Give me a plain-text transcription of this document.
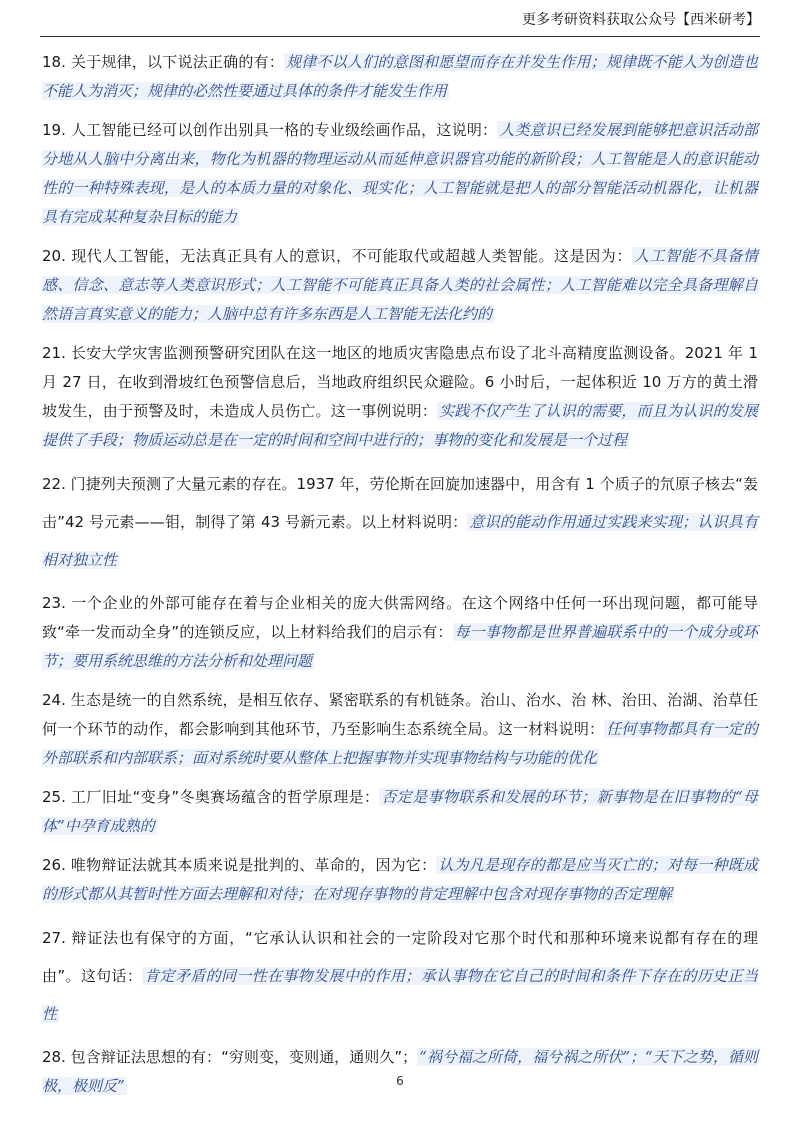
更多考研资料获取公众号【西米研考】

18. 关于规律，以下说法正确的有： 规律不以人们的意图和愿望而存在并发生作用；规律既不能人为创造也不能人为消灭；规律的必然性要通过具体的条件才能发生作用

19. 人工智能已经可以创作出别具一格的专业级绘画作品，这说明： 人类意识已经发展到能够把意识活动部分地从人脑中分离出来，物化为机器的物理运动从而延伸意识器官功能的新阶段；人工智能是人的意识能动性的一种特殊表现，是人的本质力量的对象化、现实化；人工智能就是把人的部分智能活动机器化，让机器具有完成某种复杂目标的能力

20. 现代人工智能，无法真正具有人的意识，不可能取代或超越人类智能。这是因为： 人工智能不具备情感、信念、意志等人类意识形式；人工智能不可能真正具备人类的社会属性；人工智能难以完全具备理解自然语言真实意义的能力；人脑中总有许多东西是人工智能无法化约的

21. 长安大学灾害监测预警研究团队在这一地区的地质灾害隐患点布设了北斗高精度监测设备。2021 年 1 月 27 日，在收到滑坡红色预警信息后，当地政府组织民众避险。6 小时后，一起体积近 10 万方的黄土滑坡发生，由于预警及时，未造成人员伤亡。这一事例说明： 实践不仅产生了认识的需要，而且为认识的发展提供了手段；物质运动总是在一定的时间和空间中进行的；事物的变化和发展是一个过程

22. 门捷列夫预测了大量元素的存在。1937 年，劳伦斯在回旋加速器中，用含有 1 个质子的氘原子核去“轰击”42 号元素——钼，制得了第 43 号新元素。以上材料说明： 意识的能动作用通过实践来实现；认识具有相对独立性

23. 一个企业的外部可能存在着与企业相关的庞大供需网络。在这个网络中任何一环出现问题，都可能导致“牵一发而动全身”的连锁反应，以上材料给我们的启示有： 每一事物都是世界普遍联系中的一个成分或环节；要用系统思维的方法分析和处理问题

24. 生态是统一的自然系统，是相互依存、紧密联系的有机链条。治山、治水、治 林、治田、治湖、治草任何一个环节的动作，都会影响到其他环节，乃至影响生态系统全局。这一材料说明： 任何事物都具有一定的外部联系和内部联系；面对系统时要从整体上把握事物并实现事物结构与功能的优化

25. 工厂旧址“变身”冬奥赛场蕴含的哲学原理是： 否定是事物联系和发展的环节；新事物是在旧事物的“母体”中孕育成熟的

26. 唯物辩证法就其本质来说是批判的、革命的，因为它： 认为凡是现存的都是应当灭亡的；对每一种既成的形式都从其暂时性方面去理解和对待；在对现存事物的肯定理解中包含对现存事物的否定理解

27. 辩证法也有保守的方面，“它承认认识和社会的一定阶段对它那个时代和那种环境来说都有存在的理由”。这句话： 肯定矛盾的同一性在事物发展中的作用；承认事物在它自己的时间和条件下存在的历史正当性

28. 包含辩证法思想的有：“穷则变，变则通，通则久”； “祸兮福之所倚，福兮祸之所伏”；“天下之势，循则极，极则反”	6
